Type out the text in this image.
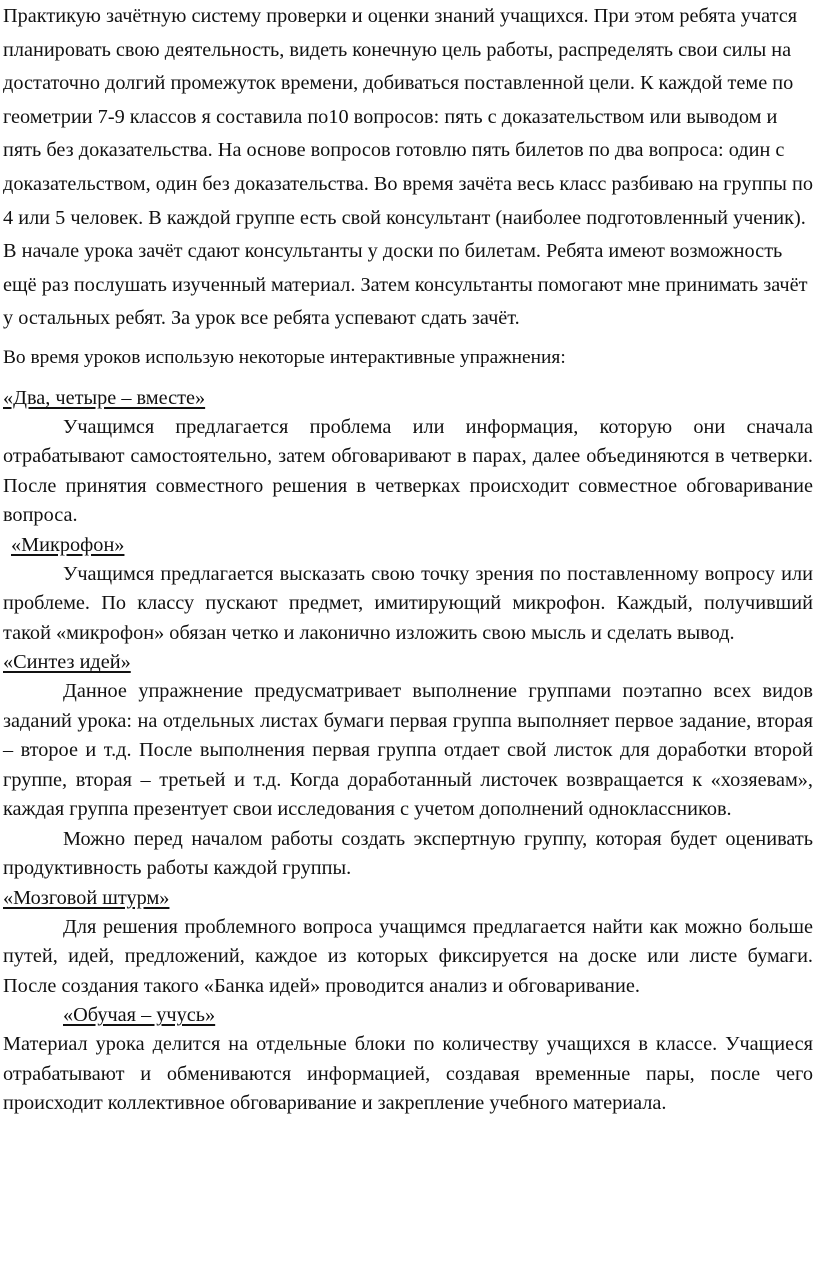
Практикую зачётную систему проверки и оценки знаний учащихся. При этом ребята учатся планировать свою деятельность, видеть конечную цель работы, распределять свои силы на достаточно долгий промежуток времени, добиваться поставленной цели. К каждой теме по геометрии 7-9 классов я составила по10 вопросов: пять с доказательством или выводом и пять без доказательства. На основе вопросов готовлю пять билетов по два вопроса: один с доказательством, один без доказательства. Во время зачёта весь класс разбиваю на группы по 4 или 5 человек. В каждой группе есть свой консультант (наиболее подготовленный ученик). В начале урока зачёт сдают консультанты у доски по билетам. Ребята имеют возможность ещё раз послушать изученный материал. Затем консультанты помогают мне принимать зачёт у остальных ребят. За урок все ребята успевают сдать зачёт.

Во время уроков использую некоторые интерактивные упражнения:

«Два, четыре – вместе»

Учащимся предлагается проблема или информация, которую они сначала отрабатывают самостоятельно, затем обговаривают в парах, далее объединяются в четверки. После принятия совместного решения в четверках происходит совместное обговаривание вопроса.

«Микрофон»

Учащимся предлагается высказать свою точку зрения по поставленному вопросу или проблеме. По классу пускают предмет, имитирующий микрофон. Каждый, получивший такой «микрофон» обязан четко и лаконично изложить свою мысль и сделать вывод.

«Синтез идей»

Данное упражнение предусматривает выполнение группами поэтапно всех видов заданий урока: на отдельных листах бумаги первая группа выполняет первое задание, вторая – второе и т.д. После выполнения первая группа отдает свой листок для доработки второй группе, вторая – третьей и т.д. Когда доработанный листочек возвращается к «хозяевам», каждая группа презентует свои исследования с учетом дополнений одноклассников.

Можно перед началом работы создать экспертную группу, которая будет оценивать продуктивность работы каждой группы.

«Мозговой штурм»

Для решения проблемного вопроса учащимся предлагается найти как можно больше путей, идей, предложений, каждое из которых фиксируется на доске или листе бумаги. После создания такого «Банка идей» проводится анализ и обговаривание.

«Обучая – учусь»

Материал урока делится на отдельные блоки по количеству учащихся в классе. Учащиеся отрабатывают и обмениваются информацией, создавая временные пары, после чего происходит коллективное обговаривание и закрепление учебного материала.
